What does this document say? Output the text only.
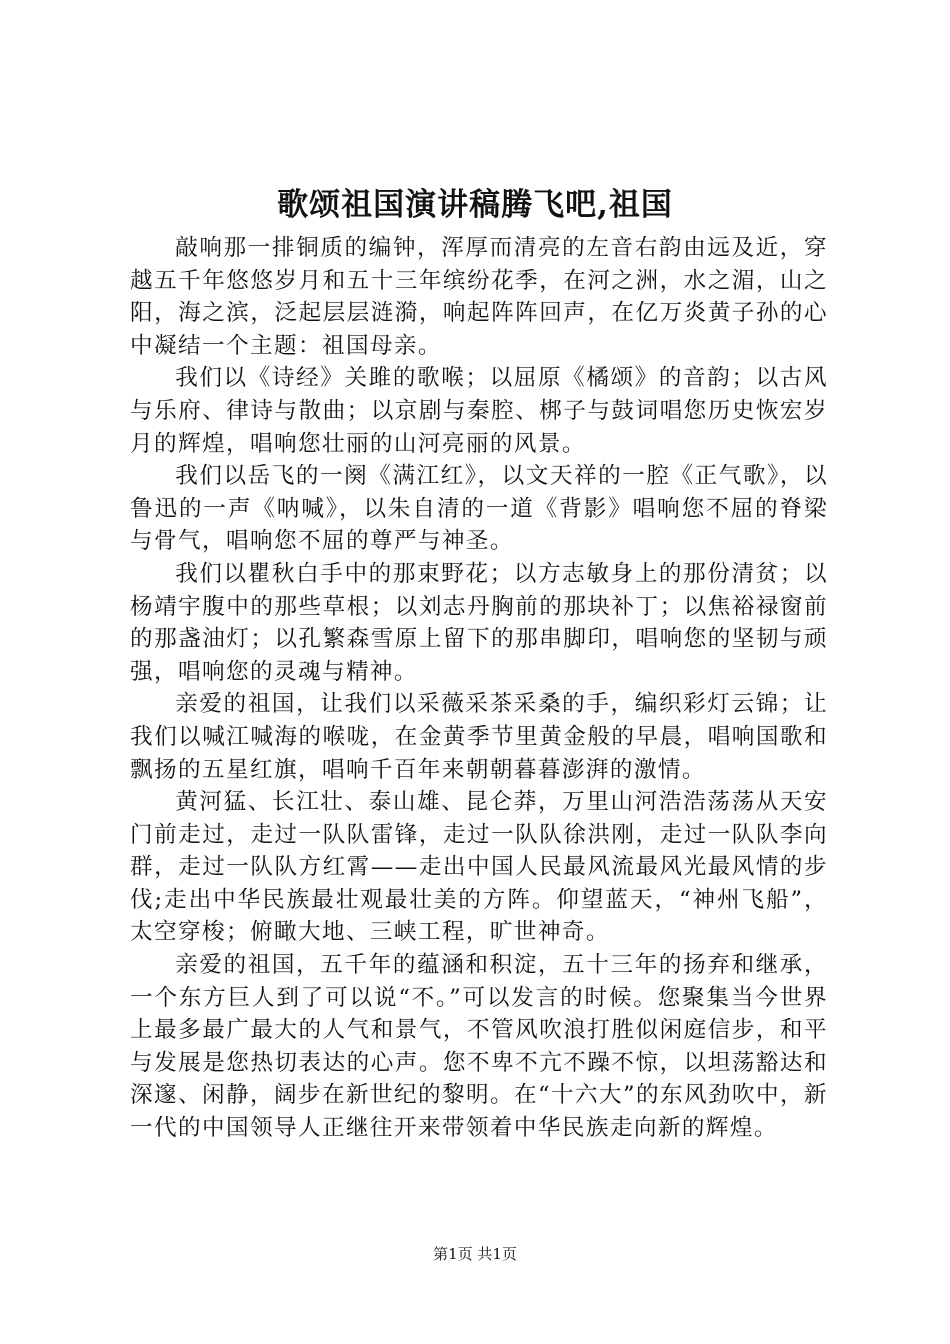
歌颂祖国演讲稿腾飞吧,祖国

敲响那一排铜质的编钟，浑厚而清亮的左音右韵由远及近，穿越五千年悠悠岁月和五十三年缤纷花季，在河之洲，水之湄，山之阳，海之滨，泛起层层涟漪，响起阵阵回声，在亿万炎黄子孙的心中凝结一个主题：祖国母亲。

我们以《诗经》关雎的歌喉；以屈原《橘颂》的音韵；以古风与乐府、律诗与散曲；以京剧与秦腔、梆子与鼓词唱您历史恢宏岁月的辉煌，唱响您壮丽的山河亮丽的风景。

我们以岳飞的一阕《满江红》，以文天祥的一腔《正气歌》，以鲁迅的一声《呐喊》，以朱自清的一道《背影》唱响您不屈的脊梁与骨气，唱响您不屈的尊严与神圣。

我们以瞿秋白手中的那束野花；以方志敏身上的那份清贫；以杨靖宇腹中的那些草根；以刘志丹胸前的那块补丁；以焦裕禄窗前的那盏油灯；以孔繁森雪原上留下的那串脚印，唱响您的坚韧与顽强，唱响您的灵魂与精神。

亲爱的祖国，让我们以采薇采茶采桑的手，编织彩灯云锦；让我们以喊江喊海的喉咙，在金黄季节里黄金般的早晨，唱响国歌和飘扬的五星红旗，唱响千百年来朝朝暮暮澎湃的激情。

黄河猛、长江壮、泰山雄、昆仑莽，万里山河浩浩荡荡从天安门前走过，走过一队队雷锋，走过一队队徐洪刚，走过一队队李向群，走过一队队方红霄——走出中国人民最风流最风光最风情的步伐;走出中华民族最壮观最壮美的方阵。仰望蓝天，“神州飞船”，太空穿梭；俯瞰大地、三峡工程，旷世神奇。

亲爱的祖国，五千年的蕴涵和积淀，五十三年的扬弃和继承，一个东方巨人到了可以说“不。”可以发言的时候。您聚集当今世界上最多最广最大的人气和景气，不管风吹浪打胜似闲庭信步，和平与发展是您热切表达的心声。您不卑不亢不躁不惊，以坦荡豁达和深邃、闲静，阔步在新世纪的黎明。在“十六大”的东风劲吹中，新一代的中国领导人正继往开来带领着中华民族走向新的辉煌。

第1页 共1页
